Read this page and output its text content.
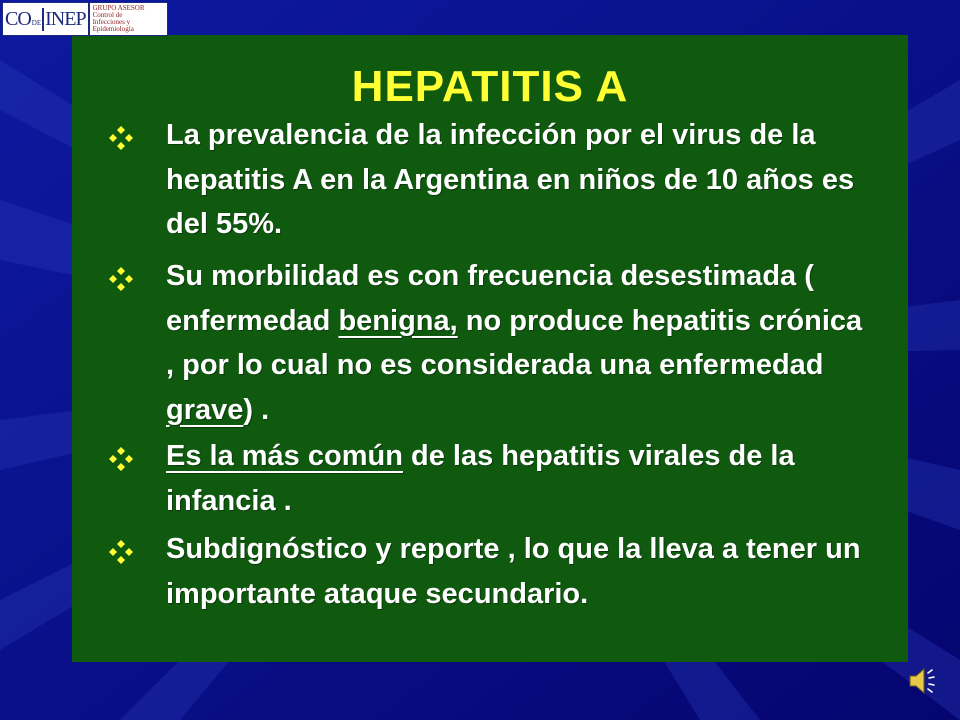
CO DE INEP GRUPO ASESOR
Control de
Infecciones y
Epidemiología
HEPATITIS A
La prevalencia de la infección por el virus de la hepatitis A en la Argentina en niños de 10 años es del 55%.
Su morbilidad es con frecuencia desestimada ( enfermedad benigna, no produce hepatitis crónica , por lo cual no es considerada una enfermedad grave) .
Es la más común de las hepatitis virales de la infancia .
Subdignóstico y reporte , lo que la lleva a tener un importante ataque secundario.
